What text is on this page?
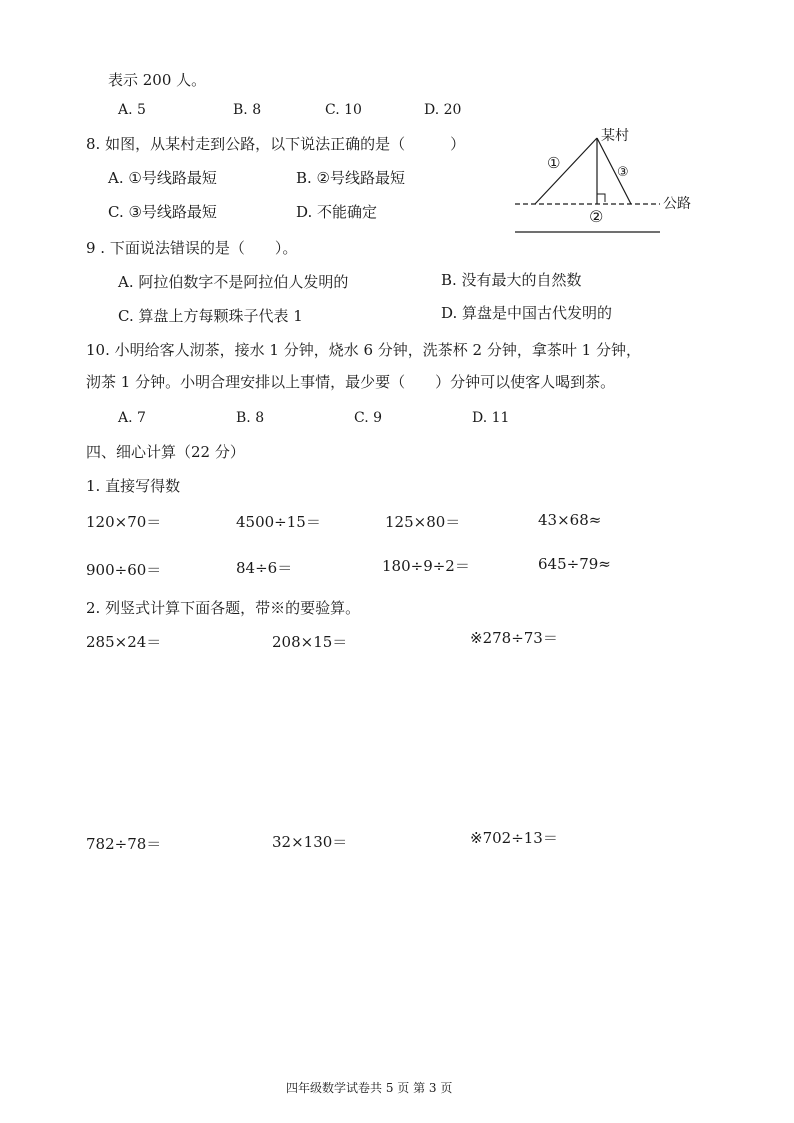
表示 200 人。
A. 5	B. 8	C. 10	D. 20
8. 如图，从某村走到公路，以下说法正确的是（　　　）
A. ①号线路最短	B. ②号线路最短
C. ③号线路最短	D. 不能确定
某村
公路
①
②
③
9 . 下面说法错误的是（　　）。
A. 阿拉伯数字不是阿拉伯人发明的	B. 没有最大的自然数
C. 算盘上方每颗珠子代表 1	D. 算盘是中国古代发明的
10. 小明给客人沏茶，接水 1 分钟，烧水 6 分钟，洗茶杯 2 分钟，拿茶叶 1 分钟，
沏茶 1 分钟。小明合理安排以上事情，最少要（　　）分钟可以使客人喝到茶。
A. 7	B. 8	C. 9	D. 11
四、细心计算（22 分）
1. 直接写得数
120×70＝	4500÷15＝	125×80＝	43×68≈
900÷60＝	84÷6＝	180÷9÷2＝	645÷79≈
2. 列竖式计算下面各题，带※的要验算。
285×24＝	208×15＝	※278÷73＝
782÷78＝	32×130＝	※702÷13＝
四年级数学试卷共 5 页 第 3 页
